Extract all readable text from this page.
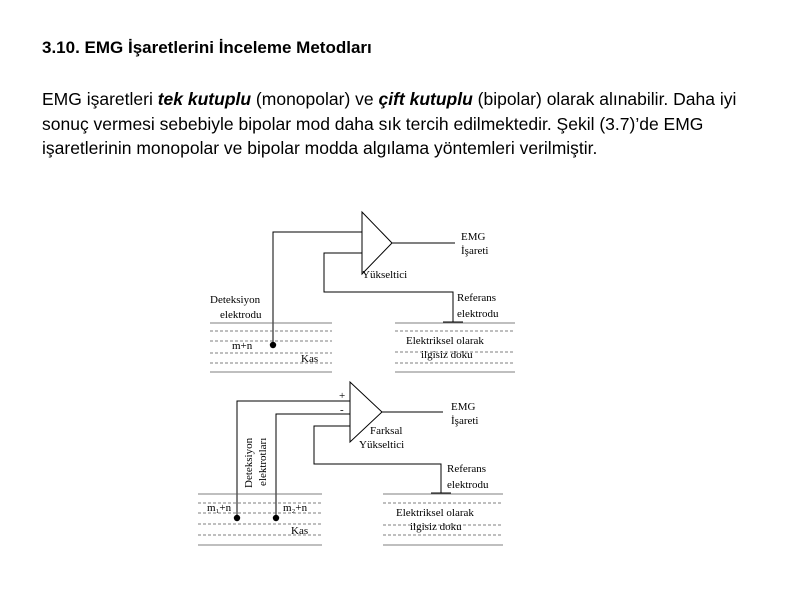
3.10. EMG İşaretlerini İnceleme Metodları

EMG işaretleri tek kutuplu (monopolar) ve çift kutuplu (bipolar) olarak alınabilir. Daha iyi sonuç vermesi sebebiyle bipolar mod daha sık tercih edilmektedir. Şekil (3.7)’de EMG işaretlerinin monopolar ve bipolar modda algılama yöntemleri verilmiştir.

EMG
İşareti
Yükseltici
Deteksiyon
elektrodu
Referans
elektrodu
m+n
Kas
Elektriksel olarak
ilgisiz doku
+
-	EMG
İşareti
Farksal
Yükseltici
Deteksiyon elektrotları	Referans
elektrodu
m₁+n	m₂+n
Kas
Elektriksel olarak
ilgisiz doku
